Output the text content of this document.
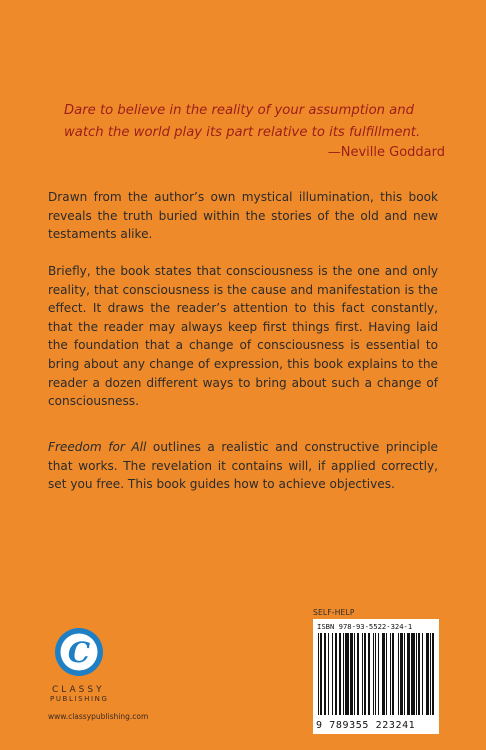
Dare to believe in the reality of your assumption and
watch the world play its part relative to its fulfillment.
—Neville Goddard
Drawn from the author’s own mystical illumination, this book reveals the truth buried within the stories of the old and new testaments alike.
Briefly, the book states that consciousness is the one and only reality, that consciousness is the cause and manifestation is the effect. It draws the reader’s attention to this fact constantly, that the reader may always keep first things first. Having laid the foundation that a change of consciousness is essential to bring about any change of expression, this book explains to the reader a dozen different ways to bring about such a change of consciousness.
Freedom for All outlines a realistic and constructive principle that works. The revelation it contains will, if applied correctly, set you free. This book guides how to achieve objectives.
C
CLASSY
PUBLISHING
www.classypublishing.com
SELF-HELP
ISBN 978-93-5522-324-1
9 789355 223241
